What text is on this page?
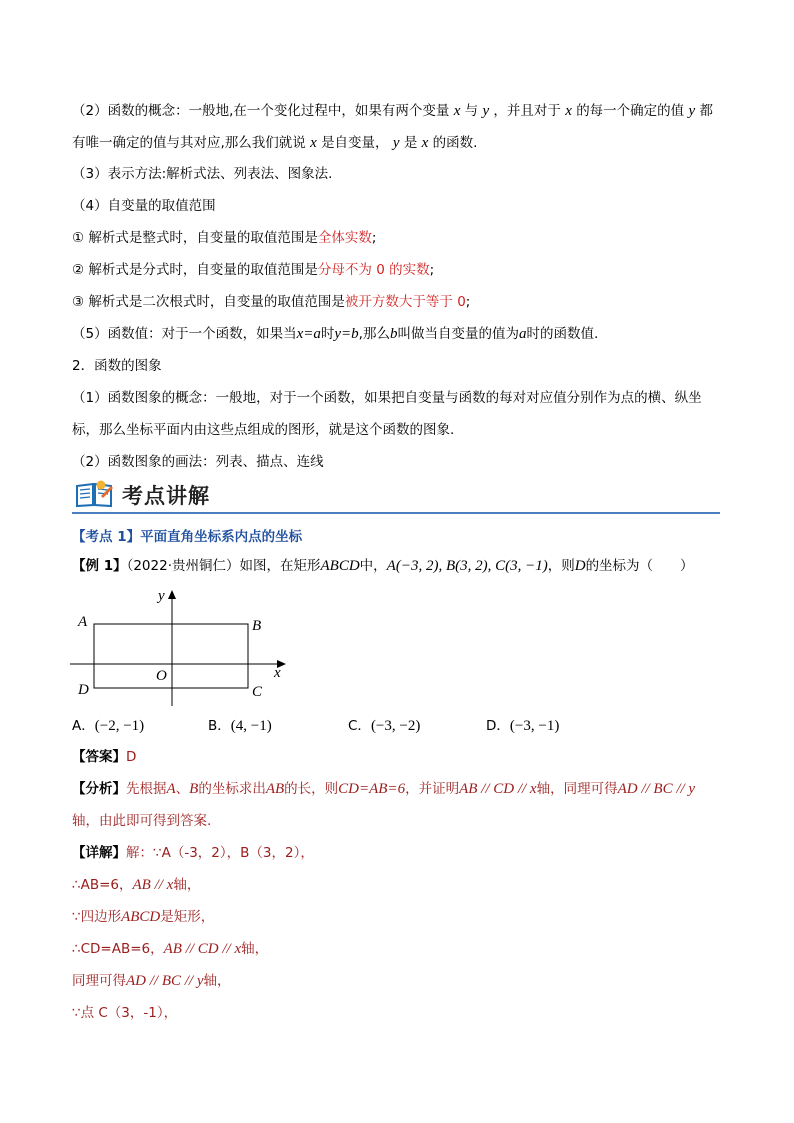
（2）函数的概念：一般地,在一个变化过程中，如果有两个变量 x 与 y ，并且对于 x 的每一个确定的值 y 都
有唯一确定的值与其对应,那么我们就说 x 是自变量， y 是 x 的函数.
（3）表示方法:解析式法、列表法、图象法.
（4）自变量的取值范围
① 解析式是整式时，自变量的取值范围是全体实数;
② 解析式是分式时，自变量的取值范围是分母不为 0 的实数;
③ 解析式是二次根式时，自变量的取值范围是被开方数大于等于 0;
（5）函数值：对于一个函数，如果当x=a时y=b,那么b叫做当自变量的值为a时的函数值.
2．函数的图象
（1）函数图象的概念：一般地，对于一个函数，如果把自变量与函数的每对对应值分别作为点的横、纵坐
标，那么坐标平面内由这些点组成的图形，就是这个函数的图象.
（2）函数图象的画法：列表、描点、连线
考点讲解
【考点 1】平面直角坐标系内点的坐标
【例 1】（2022·贵州铜仁）如图，在矩形ABCD中，A(−3, 2), B(3, 2), C(3, −1)，则D的坐标为（　　）
y
x
A	B
C
D
O
A．(−2, −1)	B．(4, −1)	C．(−3, −2)	D．(−3, −1)
【答案】D
【分析】先根据A、B的坐标求出AB的长，则CD=AB=6，并证明AB // CD // x轴，同理可得AD // BC // y
轴，由此即可得到答案.
【详解】解：∵A（-3，2），B（3，2），
∴AB=6，AB // x轴，
∵四边形ABCD是矩形，
∴CD=AB=6，AB // CD // x轴，
同理可得AD // BC // y轴，
∵点 C（3，-1），
